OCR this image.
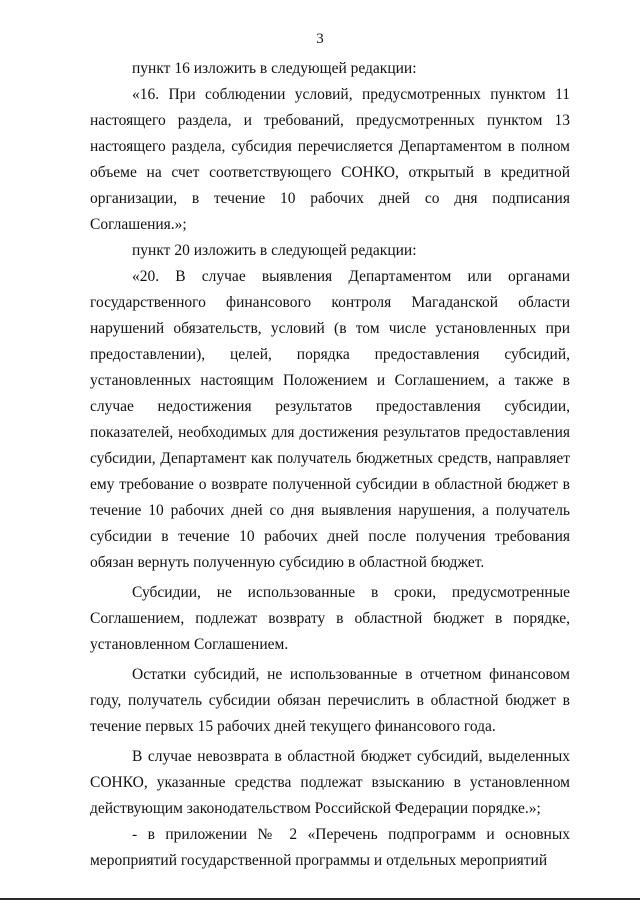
3

пункт 16 изложить в следующей редакции:

«16. При соблюдении условий, предусмотренных пунктом 11 настоящего раздела, и требований, предусмотренных пунктом 13 настоящего раздела, субсидия перечисляется Департаментом в полном объеме на счет соответствующего СОНКО, открытый в кредитной организации, в течение 10 рабочих дней со дня подписания Соглашения.»;

пункт 20 изложить в следующей редакции:

«20. В случае выявления Департаментом или органами государственного финансового контроля Магаданской области нарушений обязательств, условий (в том числе установленных при предоставлении), целей, порядка предоставления субсидий, установленных настоящим Положением и Соглашением, а также в случае недостижения результатов предоставления субсидии, показателей, необходимых для достижения результатов предоставления субсидии, Департамент как получатель бюджетных средств, направляет ему требование о возврате полученной субсидии в областной бюджет в течение 10 рабочих дней со дня выявления нарушения, а получатель субсидии в течение 10 рабочих дней после получения требования обязан вернуть полученную субсидию в областной бюджет.

Субсидии, не использованные в сроки, предусмотренные Соглашением, подлежат возврату в областной бюджет в порядке, установленном Соглашением.

Остатки субсидий, не использованные в отчетном финансовом году, получатель субсидии обязан перечислить в областной бюджет в течение первых 15 рабочих дней текущего финансового года.

В случае невозврата в областной бюджет субсидий, выделенных СОНКО, указанные средства подлежат взысканию в установленном действующим законодательством Российской Федерации порядке.»;

- в приложении № 2 «Перечень подпрограмм и основных мероприятий государственной программы и отдельных мероприятий
